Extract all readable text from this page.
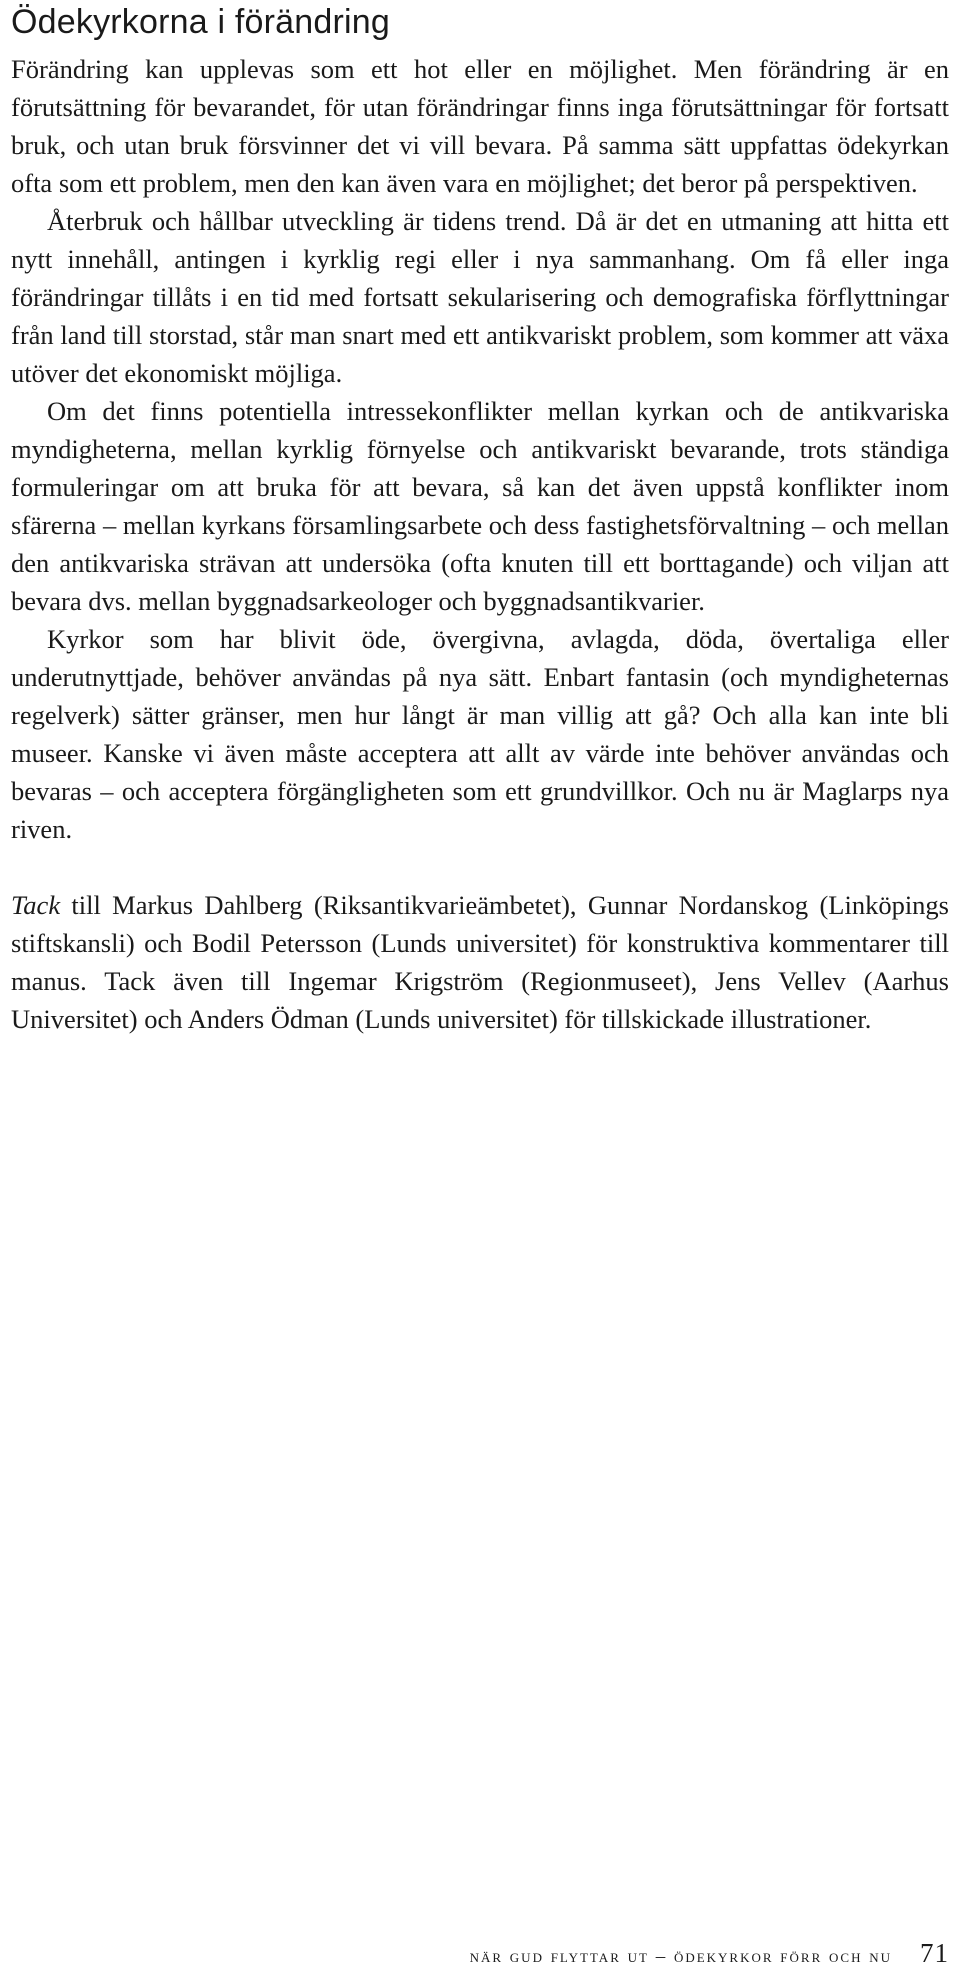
Ödekyrkorna i förändring

Förändring kan upplevas som ett hot eller en möjlighet. Men förändring är en förutsättning för bevarandet, för utan förändringar finns inga förutsättningar för fortsatt bruk, och utan bruk försvinner det vi vill bevara. På samma sätt uppfattas ödekyrkan ofta som ett problem, men den kan även vara en möjlighet; det beror på perspektiven.

Återbruk och hållbar utveckling är tidens trend. Då är det en utmaning att hitta ett nytt innehåll, antingen i kyrklig regi eller i nya sammanhang. Om få eller inga förändringar tillåts i en tid med fortsatt sekularisering och demografiska förflyttningar från land till storstad, står man snart med ett antikvariskt problem, som kommer att växa utöver det ekonomiskt möjliga.

Om det finns potentiella intressekonflikter mellan kyrkan och de antikvariska myndigheterna, mellan kyrklig förnyelse och antikvariskt bevarande, trots ständiga formuleringar om att bruka för att bevara, så kan det även uppstå konflikter inom sfärerna – mellan kyrkans församlingsarbete och dess fastighetsförvaltning – och mellan den antikvariska strävan att undersöka (ofta knuten till ett borttagande) och viljan att bevara dvs. mellan byggnadsarkeologer och byggnadsantikvarier.

Kyrkor som har blivit öde, övergivna, avlagda, döda, övertaliga eller underutnyttjade, behöver användas på nya sätt. Enbart fantasin (och myndigheternas regelverk) sätter gränser, men hur långt är man villig att gå? Och alla kan inte bli museer. Kanske vi även måste acceptera att allt av värde inte behöver användas och bevaras – och acceptera förgängligheten som ett grundvillkor. Och nu är Maglarps nya riven.

Tack till Markus Dahlberg (Riksantikvarieämbetet), Gunnar Nordanskog (Linköpings stiftskansli) och Bodil Petersson (Lunds universitet) för konstruktiva kommentarer till manus. Tack även till Ingemar Krigström (Regionmuseet), Jens Vellev (Aarhus Universitet) och Anders Ödman (Lunds universitet) för tillskickade illustrationer.

när gud flyttar ut – ödekyrkor förr och nu 71
